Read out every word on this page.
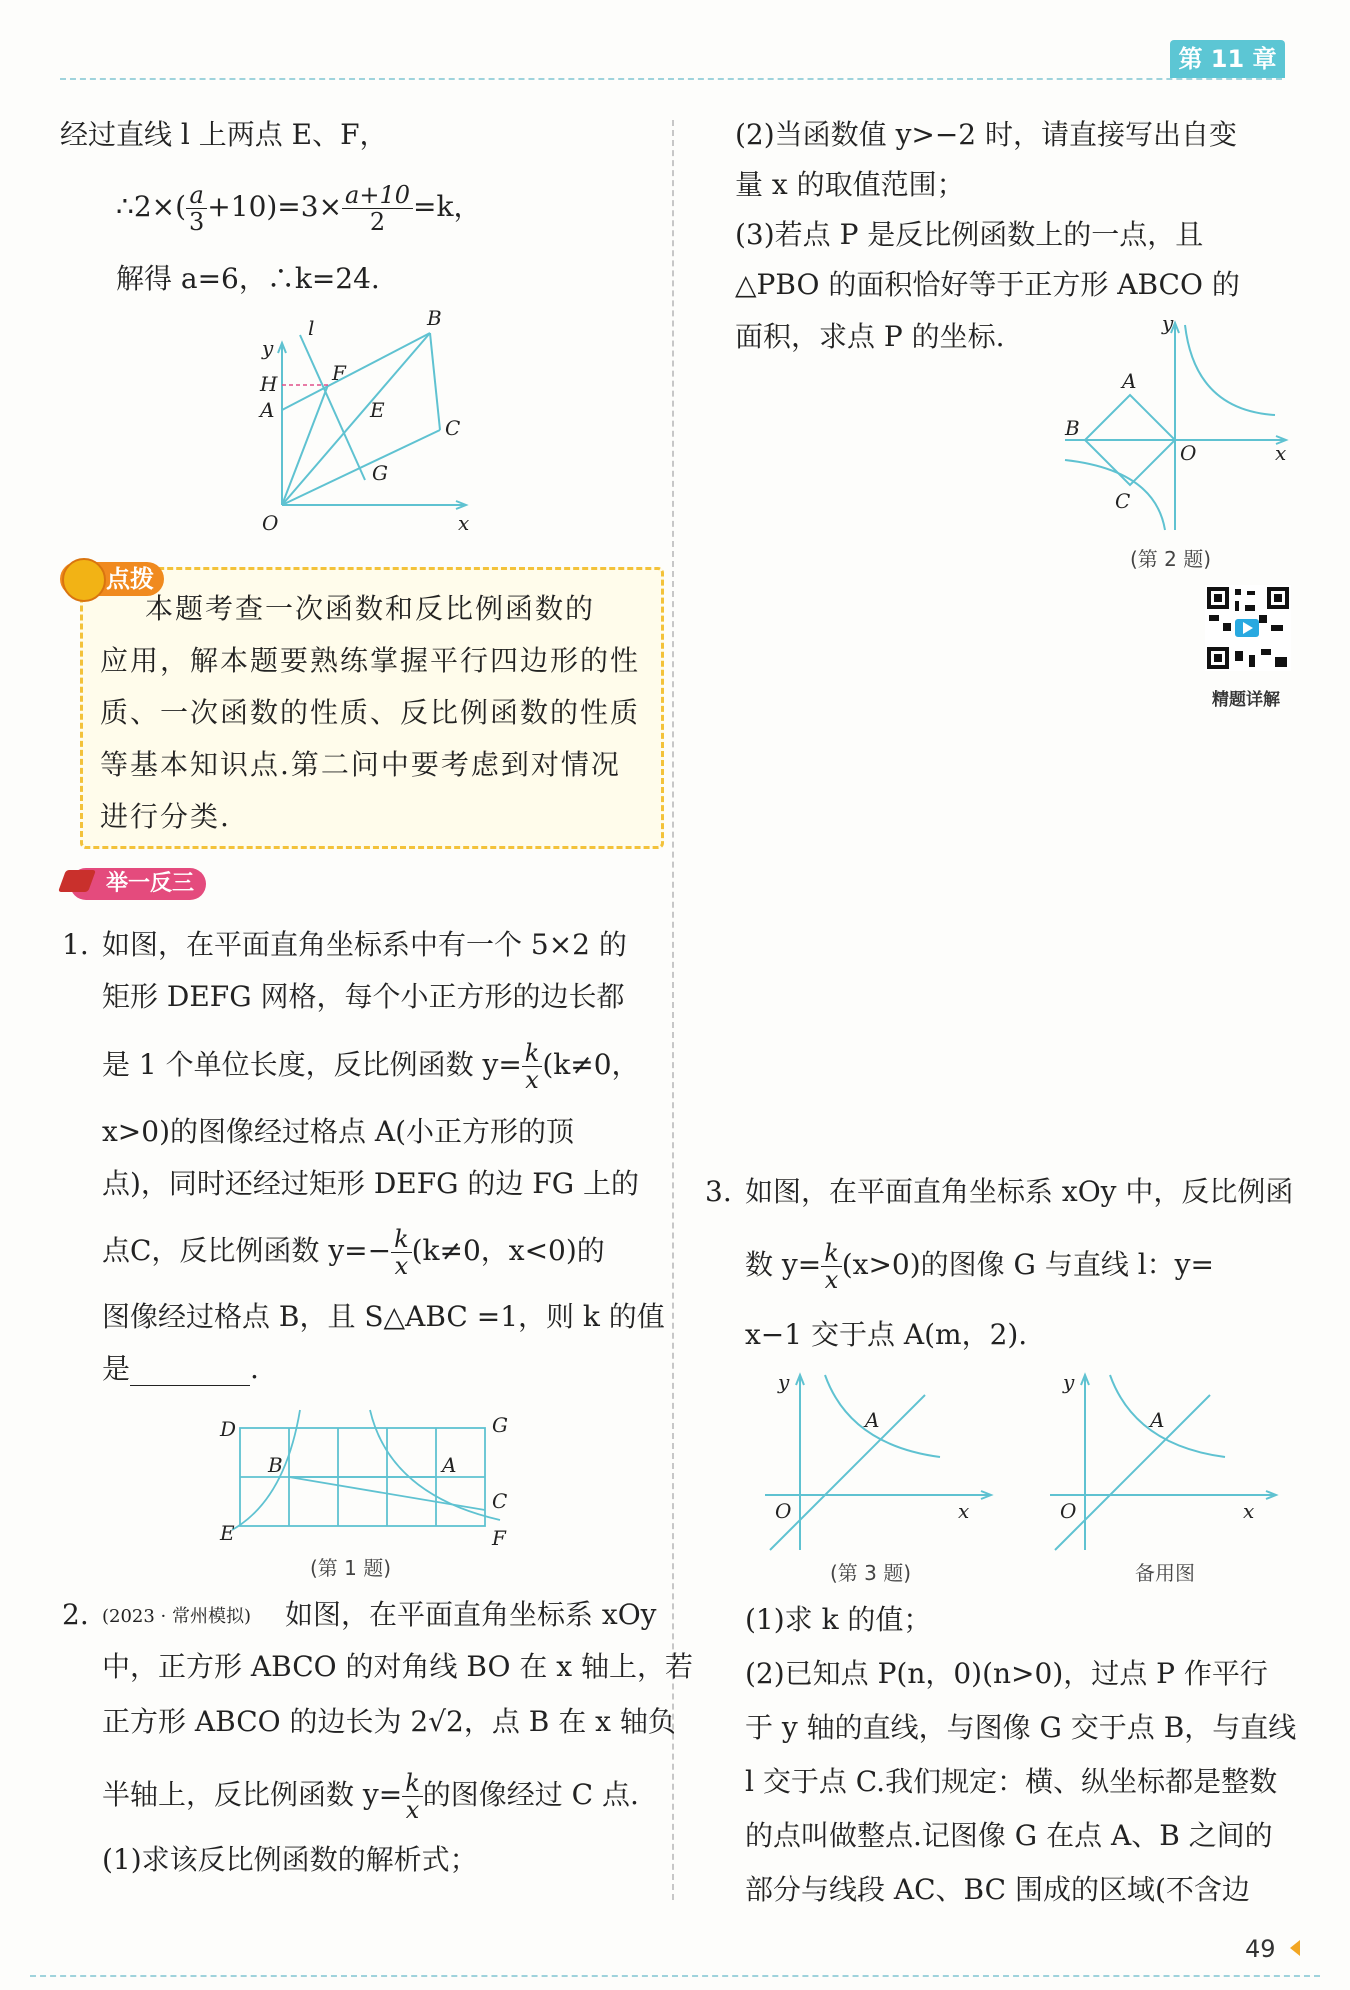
第 11 章
经过直线 l 上两点 E、F，
∴2×( $\frac{a}{3} +10)=3\times \frac{a+10}{2} =k$，
解得 a=6，∴k=24.
l	B
y
F
H
A	E
C
G
O	x
点拨
本题考查一次函数和反比例函数的
应用，解本题要熟练掌握平行四边形的性
质、一次函数的性质、反比例函数的性质
等基本知识点.第二问中要考虑到对情况
进行分类.
举一反三
1. 如图，在平面直角坐标系中有一个 5×2 的
矩形 DEFG 网格，每个小正方形的边长都
是 1 个单位长度，反比例函数 $y= \frac{k}{x} (k\ne 0$，
x>0)的图像经过格点 A(小正方形的顶
点)，同时还经过矩形 DEFG 的边 FG 上的
点C，反比例函数 $y=- \frac{k}{x} (k\ne 0$，x<0)的
图像经过格点 B，且 S△ABC =1，则 k 的值
是	.
D	G
B	A
C
E	F
(第 1 题)
2. (2023 · 常州模拟) 如图，在平面直角坐标系 xOy
中，正方形 ABCO 的对角线 BO 在 x 轴上，若
正方形 ABCO 的边长为 2√2，点 B 在 x 轴负
半轴上，反比例函数 $y= \frac{k}{x}$ 的图像经过 C 点.
(1)求该反比例函数的解析式；
(2)当函数值 y>−2 时，请直接写出自变
量 x 的取值范围；
(3)若点 P 是反比例函数上的一点，且
△PBO 的面积恰好等于正方形 ABCO 的
面积，求点 P 的坐标.	y
A
B
O	x
C
(第 2 题)
精题详解
3. 如图，在平面直角坐标系 xOy 中，反比例函
数 $y= \frac{k}{x} (x>0)$的图像 G 与直线 l：y=
x−1 交于点 A(m，2).
y
A
O	x
(第 3 题)
y
A
O	x
备用图
(1)求 k 的值；
(2)已知点 P(n，0)(n>0)，过点 P 作平行
于 y 轴的直线，与图像 G 交于点 B，与直线
l 交于点 C.我们规定：横、纵坐标都是整数
的点叫做整点.记图像 G 在点 A、B 之间的
部分与线段 AC、BC 围成的区域(不含边
49
